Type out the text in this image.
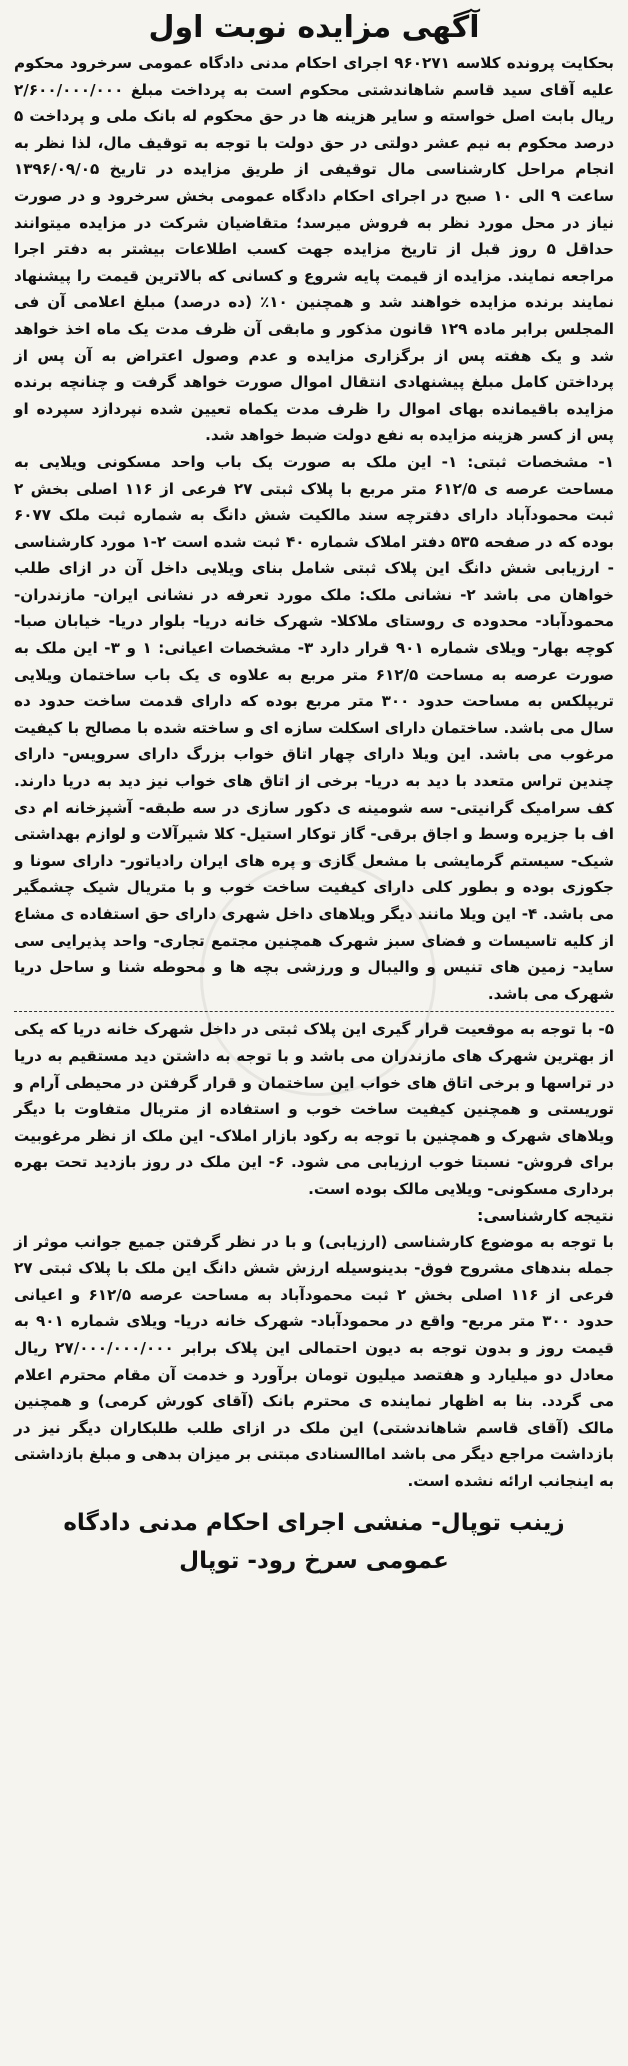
آگهی مزایده نوبت اول

بحکایت پرونده کلاسه ۹۶۰۲۷۱ اجرای احکام مدنی دادگاه عمومی سرخرود محکوم علیه آقای سید قاسم شاهاندشتی محکوم است به پرداخت مبلغ ۲/۶۰۰/۰۰۰/۰۰۰ ریال بابت اصل خواسته و سایر هزینه ها در حق محکوم له بانک ملی و پرداخت ۵ درصد محکوم به نیم عشر دولتی در حق دولت با توجه به توقیف مال، لذا نظر به انجام مراحل کارشناسی مال توقیفی از طریق مزایده در تاریخ ۱۳۹۶/۰۹/۰۵ ساعت ۹ الی ۱۰ صبح در اجرای احکام دادگاه عمومی بخش سرخرود و در صورت نیاز در محل مورد نظر به فروش میرسد؛ متقاضیان شرکت در مزایده میتوانند حداقل ۵ روز قبل از تاریخ مزایده جهت کسب اطلاعات بیشتر به دفتر اجرا مراجعه نمایند. مزایده از قیمت پایه شروع و کسانی که بالاترین قیمت را پیشنهاد نمایند برنده مزایده خواهند شد و همچنین ۱۰٪ (ده درصد) مبلغ اعلامی آن فی المجلس برابر ماده ۱۲۹ قانون مذکور و مابقی آن ظرف مدت یک ماه اخذ خواهد شد و یک هفته پس از برگزاری مزایده و عدم وصول اعتراض به آن پس از پرداختن کامل مبلغ پیشنهادی انتقال اموال صورت خواهد گرفت و چنانچه برنده مزایده باقیمانده بهای اموال را ظرف مدت یکماه تعیین شده نپردازد سپرده او پس از کسر هزینه مزایده به نفع دولت ضبط خواهد شد.

۱- مشخصات ثبتی: ۱- این ملک به صورت یک باب واحد مسکونی ویلایی به مساحت عرصه ی ۶۱۲/۵ متر مربع با پلاک ثبتی ۲۷ فرعی از ۱۱۶ اصلی بخش ۲ ثبت محمودآباد دارای دفترچه سند مالکیت شش دانگ به شماره ثبت ملک ۶۰۷۷ بوده که در صفحه ۵۳۵ دفتر املاک شماره ۴۰ ثبت شده است ۲-۱ مورد کارشناسی - ارزیابی شش دانگ این پلاک ثبتی شامل بنای ویلایی داخل آن در ازای طلب خواهان می باشد ۲- نشانی ملک: ملک مورد تعرفه در نشانی ایران- مازندران- محمودآباد- محدوده ی روستای ملاکلا- شهرک خانه دریا- بلوار دریا- خیابان صبا- کوچه بهار- ویلای شماره ۹۰۱ قرار دارد ۳- مشخصات اعیانی: ۱ و ۳- این ملک به صورت عرصه به مساحت ۶۱۲/۵ متر مربع به علاوه ی یک باب ساختمان ویلایی تریپلکس به مساحت حدود ۳۰۰ متر مربع بوده که دارای قدمت ساخت حدود ده سال می باشد. ساختمان دارای اسکلت سازه ای و ساخته شده با مصالح با کیفیت مرغوب می باشد. این ویلا دارای چهار اتاق خواب بزرگ دارای سرویس- دارای چندین تراس متعدد با دید به دریا- برخی از اتاق های خواب نیز دید به دریا دارند. کف سرامیک گرانیتی- سه شومینه ی دکور سازی در سه طبقه- آشپزخانه ام دی اف با جزیره وسط و اجاق برقی- گاز توکار استیل- کلا شیرآلات و لوازم بهداشتی شیک- سیستم گرمایشی با مشعل گازی و پره های ایران رادیاتور- دارای سونا و جکوزی بوده و بطور کلی دارای کیفیت ساخت خوب و با متریال شیک چشمگیر می باشد. ۴- این ویلا مانند دیگر ویلاهای داخل شهری دارای حق استفاده ی مشاع از کلیه تاسیسات و فضای سبز شهرک همچنین مجتمع تجاری- واحد پذیرایی سی ساید- زمین های تنیس و والیبال و ورزشی بچه ها و محوطه شنا و ساحل دریا شهرک می باشد.

۵- با توجه به موقعیت قرار گیری این پلاک ثبتی در داخل شهرک خانه دریا که یکی از بهترین شهرک های مازندران می باشد و با توجه به داشتن دید مستقیم به دریا در تراسها و برخی اتاق های خواب این ساختمان و قرار گرفتن در محیطی آرام و توریستی و همچنین کیفیت ساخت خوب و استفاده از متریال متفاوت با دیگر ویلاهای شهرک و همچنین با توجه به رکود بازار املاک- این ملک از نظر مرغوبیت برای فروش- نسبتا خوب ارزیابی می شود. ۶- این ملک در روز بازدید تحت بهره برداری مسکونی- ویلایی مالک بوده است.

نتیجه کارشناسی:

با توجه به موضوع کارشناسی (ارزیابی) و با در نظر گرفتن جمیع جوانب موثر از جمله بندهای مشروح فوق- بدینوسیله ارزش شش دانگ این ملک با پلاک ثبتی ۲۷ فرعی از ۱۱۶ اصلی بخش ۲ ثبت محمودآباد به مساحت عرصه ۶۱۲/۵ و اعیانی حدود ۳۰۰ متر مربع- واقع در محمودآباد- شهرک خانه دریا- ویلای شماره ۹۰۱ به قیمت روز و بدون توجه به دیون احتمالی این پلاک برابر ۲۷/۰۰۰/۰۰۰/۰۰۰ ریال معادل دو میلیارد و هفتصد میلیون تومان برآورد و خدمت آن مقام محترم اعلام می گردد. بنا به اظهار نماینده ی محترم بانک (آقای کورش کرمی) و همچنین مالک (آقای قاسم شاهاندشتی) این ملک در ازای طلب طلبکاران دیگر نیز در بازداشت مراجع دیگر می باشد اماالسنادی مبتنی بر میزان بدهی و مبلغ بازداشتی به اینجانب ارائه نشده است.

زینب توپال- منشی اجرای احکام مدنی دادگاه
عمومی سرخ رود- توپال
